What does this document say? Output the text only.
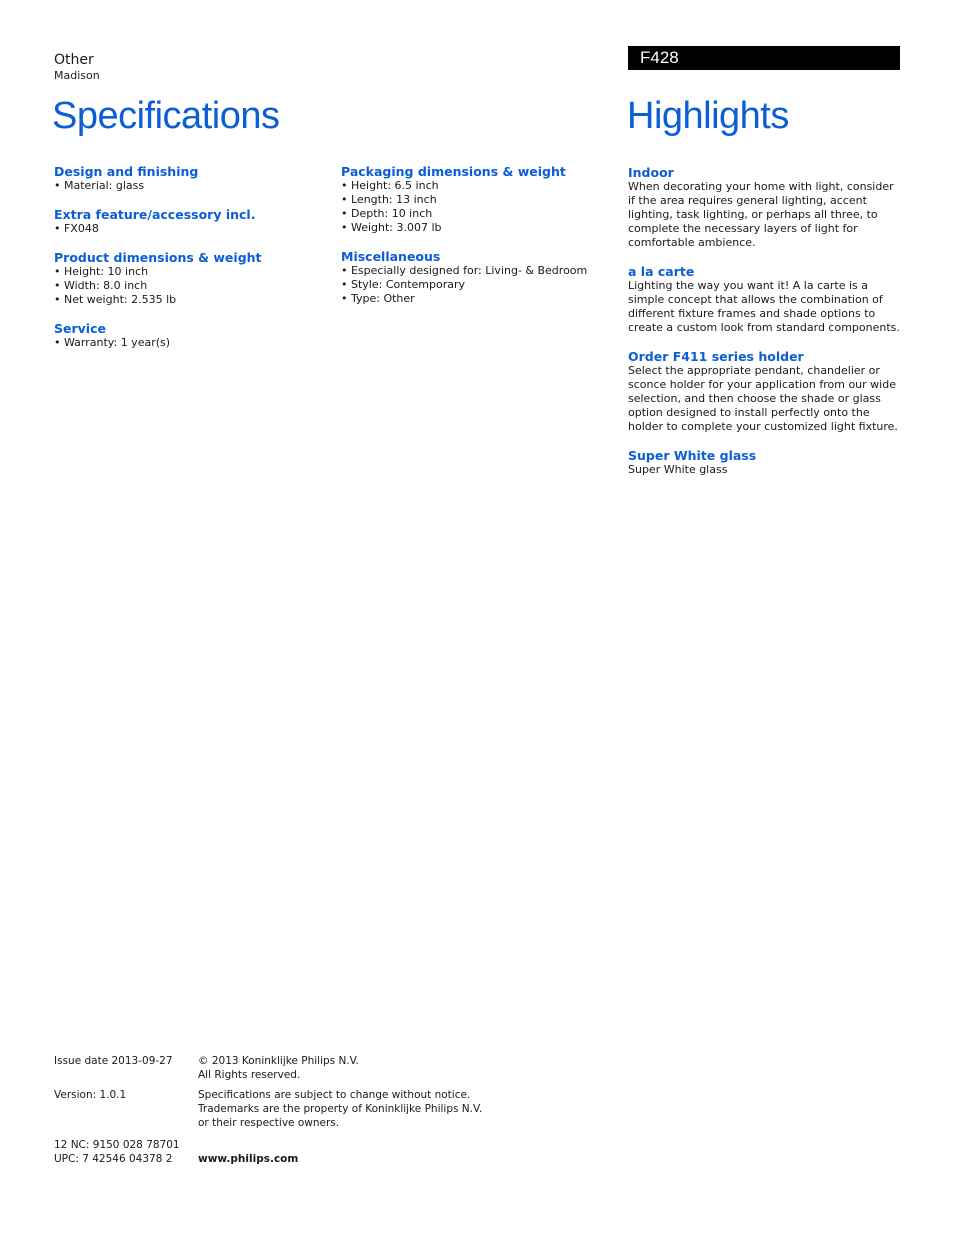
Other
Madison
F428
Specifications	Highlights

Design and finishing

• Material: glass

Extra feature/accessory incl.

• FX048

Product dimensions & weight

• Height: 10 inch

• Width: 8.0 inch

• Net weight: 2.535 lb

Service

• Warranty: 1 year(s)

Packaging dimensions & weight

• Height: 6.5 inch

• Length: 13 inch

• Depth: 10 inch

• Weight: 3.007 lb

Miscellaneous

• Especially designed for: Living- & Bedroom

• Style: Contemporary

• Type: Other

Indoor

When decorating your home with light, consider if the area requires general lighting, accent lighting, task lighting, or perhaps all three, to complete the necessary layers of light for comfortable ambience.

a la carte

Lighting the way you want it! A la carte is a simple concept that allows the combination of different fixture frames and shade options to create a custom look from standard components.

Order F411 series holder

Select the appropriate pendant, chandelier or sconce holder for your application from our wide selection, and then choose the shade or glass option designed to install perfectly onto the holder to complete your customized light fixture.

Super White glass

Super White glass

Issue date 2013-09-27	© 2013 Koninklijke Philips N.V.
All Rights reserved.
Version: 1.0.1	Specifications are subject to change without notice.
Trademarks are the property of Koninklijke Philips N.V.
or their respective owners.
12 NC: 9150 028 78701
UPC: 7 42546 04378 2	www.philips.com
